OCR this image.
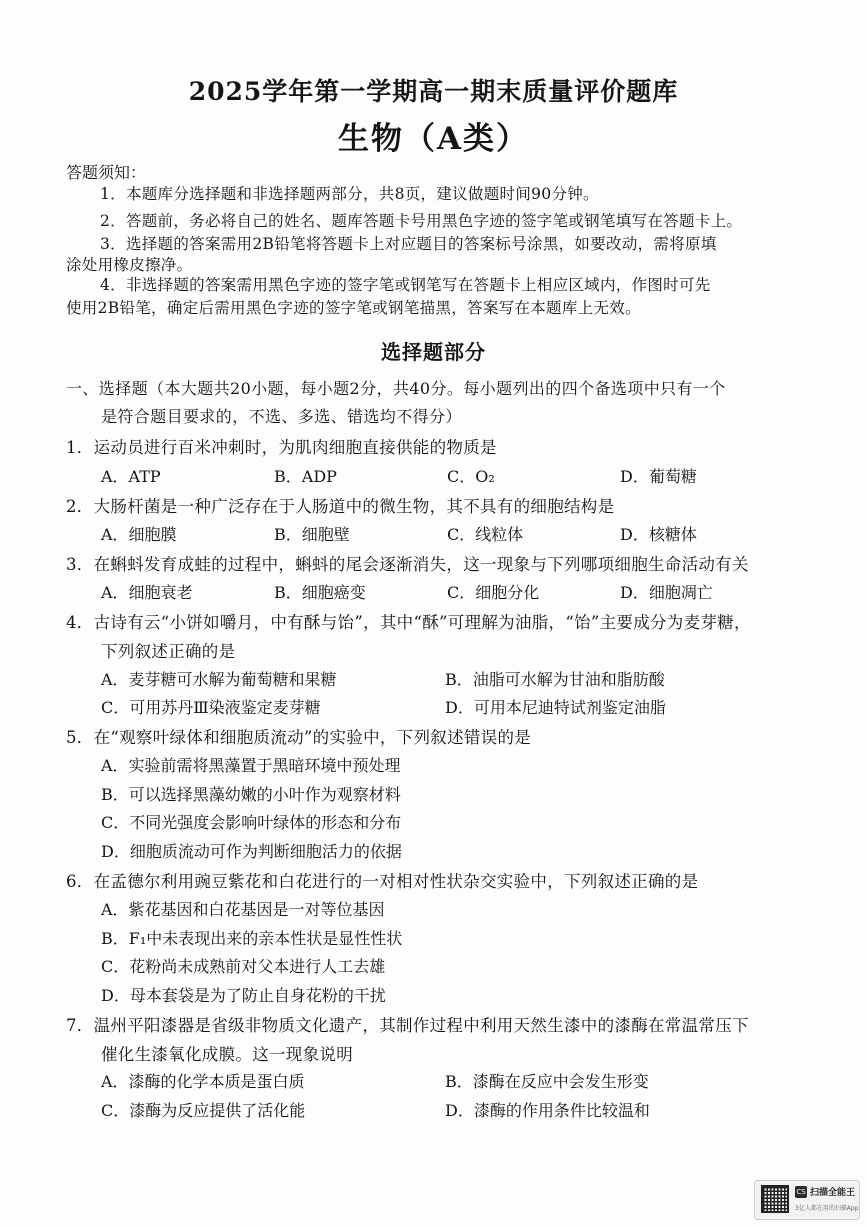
2025学年第一学期高一期末质量评价题库
生物（A类）
答题须知：
1．本题库分选择题和非选择题两部分，共8页，建议做题时间90分钟。
2．答题前，务必将自己的姓名、题库答题卡号用黑色字迹的签字笔或钢笔填写在答题卡上。
3．选择题的答案需用2B铅笔将答题卡上对应题目的答案标号涂黑，如要改动，需将原填
涂处用橡皮擦净。
4．非选择题的答案需用黑色字迹的签字笔或钢笔写在答题卡上相应区域内，作图时可先
使用2B铅笔，确定后需用黑色字迹的签字笔或钢笔描黑，答案写在本题库上无效。
选择题部分
一、选择题（本大题共20小题，每小题2分，共40分。每小题列出的四个备选项中只有一个
是符合题目要求的，不选、多选、错选均不得分）
1．运动员进行百米冲刺时，为肌肉细胞直接供能的物质是
A．ATP	B．ADP	C．O₂	D．葡萄糖
2．大肠杆菌是一种广泛存在于人肠道中的微生物，其不具有的细胞结构是
A．细胞膜	B．细胞壁	C．线粒体	D．核糖体
3．在蝌蚪发育成蛙的过程中，蝌蚪的尾会逐渐消失，这一现象与下列哪项细胞生命活动有关
A．细胞衰老	B．细胞癌变	C．细胞分化	D．细胞凋亡
4．古诗有云“小饼如嚼月，中有酥与饴”，其中“酥”可理解为油脂，“饴”主要成分为麦芽糖，
下列叙述正确的是
A．麦芽糖可水解为葡萄糖和果糖	B．油脂可水解为甘油和脂肪酸
C．可用苏丹Ⅲ染液鉴定麦芽糖	D．可用本尼迪特试剂鉴定油脂
5．在“观察叶绿体和细胞质流动”的实验中，下列叙述错误的是
A．实验前需将黑藻置于黑暗环境中预处理
B．可以选择黑藻幼嫩的小叶作为观察材料
C．不同光强度会影响叶绿体的形态和分布
D．细胞质流动可作为判断细胞活力的依据
6．在孟德尔利用豌豆紫花和白花进行的一对相对性状杂交实验中，下列叙述正确的是
A．紫花基因和白花基因是一对等位基因
B．F₁中未表现出来的亲本性状是显性性状
C．花粉尚未成熟前对父本进行人工去雄
D．母本套袋是为了防止自身花粉的干扰
7．温州平阳漆器是省级非物质文化遗产，其制作过程中利用天然生漆中的漆酶在常温常压下
催化生漆氧化成膜。这一现象说明
A．漆酶的化学本质是蛋白质	B．漆酶在反应中会发生形变
C．漆酶为反应提供了活化能	D．漆酶的作用条件比较温和
CS 扫描全能王
3亿人都在用的扫描App
